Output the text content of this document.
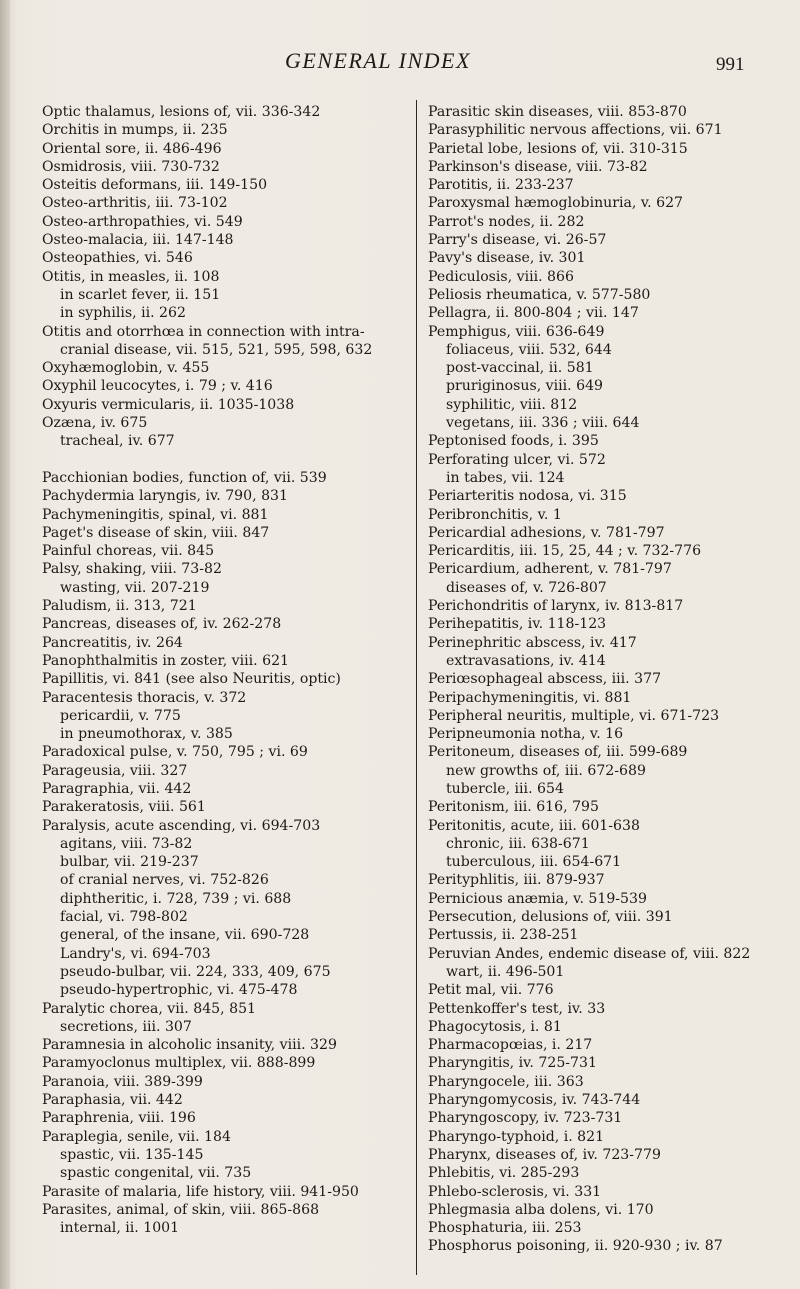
GENERAL INDEX	991
Optic thalamus, lesions of, vii. 336-342
Orchitis in mumps, ii. 235
Oriental sore, ii. 486-496
Osmidrosis, viii. 730-732
Osteitis deformans, iii. 149-150
Osteo-arthritis, iii. 73-102
Osteo-arthropathies, vi. 549
Osteo-malacia, iii. 147-148
Osteopathies, vi. 546
Otitis, in measles, ii. 108
in scarlet fever, ii. 151
in syphilis, ii. 262
Otitis and otorrhœa in connection with intra-cranial disease, vii. 515, 521, 595, 598, 632
Oxyhæmoglobin, v. 455
Oxyphil leucocytes, i. 79 ; v. 416
Oxyuris vermicularis, ii. 1035-1038
Ozæna, iv. 675
tracheal, iv. 677
Pacchionian bodies, function of, vii. 539
Pachydermia laryngis, iv. 790, 831
Pachymeningitis, spinal, vi. 881
Paget's disease of skin, viii. 847
Painful choreas, vii. 845
Palsy, shaking, viii. 73-82
wasting, vii. 207-219
Paludism, ii. 313, 721
Pancreas, diseases of, iv. 262-278
Pancreatitis, iv. 264
Panophthalmitis in zoster, viii. 621
Papillitis, vi. 841 (see also Neuritis, optic)
Paracentesis thoracis, v. 372
pericardii, v. 775
in pneumothorax, v. 385
Paradoxical pulse, v. 750, 795 ; vi. 69
Parageusia, viii. 327
Paragraphia, vii. 442
Parakeratosis, viii. 561
Paralysis, acute ascending, vi. 694-703
agitans, viii. 73-82
bulbar, vii. 219-237
of cranial nerves, vi. 752-826
diphtheritic, i. 728, 739 ; vi. 688
facial, vi. 798-802
general, of the insane, vii. 690-728
Landry's, vi. 694-703
pseudo-bulbar, vii. 224, 333, 409, 675
pseudo-hypertrophic, vi. 475-478
Paralytic chorea, vii. 845, 851
secretions, iii. 307
Paramnesia in alcoholic insanity, viii. 329
Paramyoclonus multiplex, vii. 888-899
Paranoia, viii. 389-399
Paraphasia, vii. 442
Paraphrenia, viii. 196
Paraplegia, senile, vii. 184
spastic, vii. 135-145
spastic congenital, vii. 735
Parasite of malaria, life history, viii. 941-950
Parasites, animal, of skin, viii. 865-868
internal, ii. 1001
Parasitic skin diseases, viii. 853-870
Parasyphilitic nervous affections, vii. 671
Parietal lobe, lesions of, vii. 310-315
Parkinson's disease, viii. 73-82
Parotitis, ii. 233-237
Paroxysmal hæmoglobinuria, v. 627
Parrot's nodes, ii. 282
Parry's disease, vi. 26-57
Pavy's disease, iv. 301
Pediculosis, viii. 866
Peliosis rheumatica, v. 577-580
Pellagra, ii. 800-804 ; vii. 147
Pemphigus, viii. 636-649
foliaceus, viii. 532, 644
post-vaccinal, ii. 581
pruriginosus, viii. 649
syphilitic, viii. 812
vegetans, iii. 336 ; viii. 644
Peptonised foods, i. 395
Perforating ulcer, vi. 572
in tabes, vii. 124
Periarteritis nodosa, vi. 315
Peribronchitis, v. 1
Pericardial adhesions, v. 781-797
Pericarditis, iii. 15, 25, 44 ; v. 732-776
Pericardium, adherent, v. 781-797
diseases of, v. 726-807
Perichondritis of larynx, iv. 813-817
Perihepatitis, iv. 118-123
Perinephritic abscess, iv. 417
extravasations, iv. 414
Periœsophageal abscess, iii. 377
Peripachymeningitis, vi. 881
Peripheral neuritis, multiple, vi. 671-723
Peripneumonia notha, v. 16
Peritoneum, diseases of, iii. 599-689
new growths of, iii. 672-689
tubercle, iii. 654
Peritonism, iii. 616, 795
Peritonitis, acute, iii. 601-638
chronic, iii. 638-671
tuberculous, iii. 654-671
Perityphlitis, iii. 879-937
Pernicious anæmia, v. 519-539
Persecution, delusions of, viii. 391
Pertussis, ii. 238-251
Peruvian Andes, endemic disease of, viii. 822
wart, ii. 496-501
Petit mal, vii. 776
Pettenkoffer's test, iv. 33
Phagocytosis, i. 81
Pharmacopœias, i. 217
Pharyngitis, iv. 725-731
Pharyngocele, iii. 363
Pharyngomycosis, iv. 743-744
Pharyngoscopy, iv. 723-731
Pharyngo-typhoid, i. 821
Pharynx, diseases of, iv. 723-779
Phlebitis, vi. 285-293
Phlebo-sclerosis, vi. 331
Phlegmasia alba dolens, vi. 170
Phosphaturia, iii. 253
Phosphorus poisoning, ii. 920-930 ; iv. 87
